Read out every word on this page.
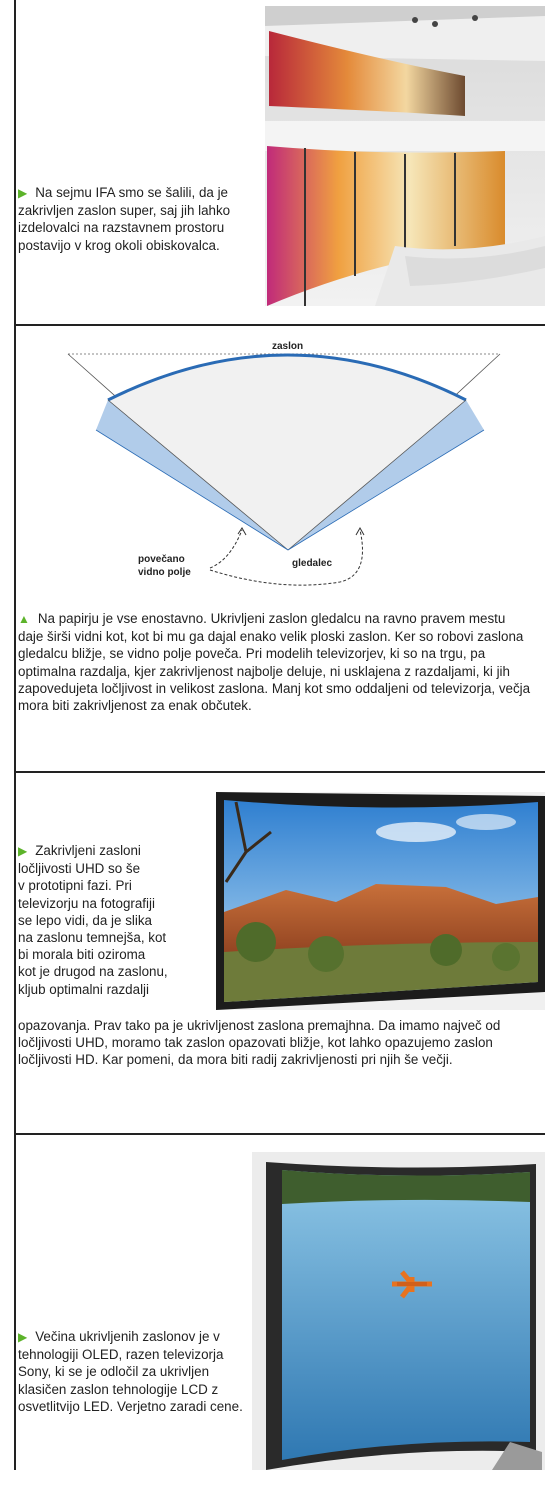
▶ Na sejmu IFA smo se šalili, da je zakrivljen zaslon super, saj jih lahko izdelovalci na razstavnem prostoru postavijo v krog okoli obiskovalca.
zaslon
gledalec
povečano
vidno polje
▲ Na papirju je vse enostavno. Ukrivljeni zaslon gledalcu na ravno pravem mestu daje širši vidni kot, kot bi mu ga dajal enako velik ploski zaslon. Ker so robovi zaslona gledalcu bližje, se vidno polje poveča. Pri modelih televizorjev, ki so na trgu, pa optimalna razdalja, kjer zakrivljenost najbolje deluje, ni usklajena z razdaljami, ki jih zapovedujeta ločljivost in velikost zaslona. Manj kot smo oddaljeni od televizorja, večja mora biti zakrivljenost za enak občutek.
▶ Zakrivljeni zasloni
ločljivosti UHD so še
v prototipni fazi. Pri
televizorju na fotografiji
se lepo vidi, da je slika
na zaslonu temnejša, kot
bi morala biti oziroma
kot je drugod na zaslonu,
kljub optimalni razdalji
opazovanja. Prav tako pa je ukrivljenost zaslona premajhna. Da imamo največ od ločljivosti UHD, moramo tak zaslon opazovati bližje, kot lahko opazujemo zaslon ločljivosti HD. Kar pomeni, da mora biti radij zakrivljenosti pri njih še večji.
▶ Večina ukrivljenih zaslonov je v tehnologiji OLED, razen televizorja Sony, ki se je odločil za ukrivljen klasičen zaslon tehnologije LCD z osvetlitvijo LED. Verjetno zaradi cene.
